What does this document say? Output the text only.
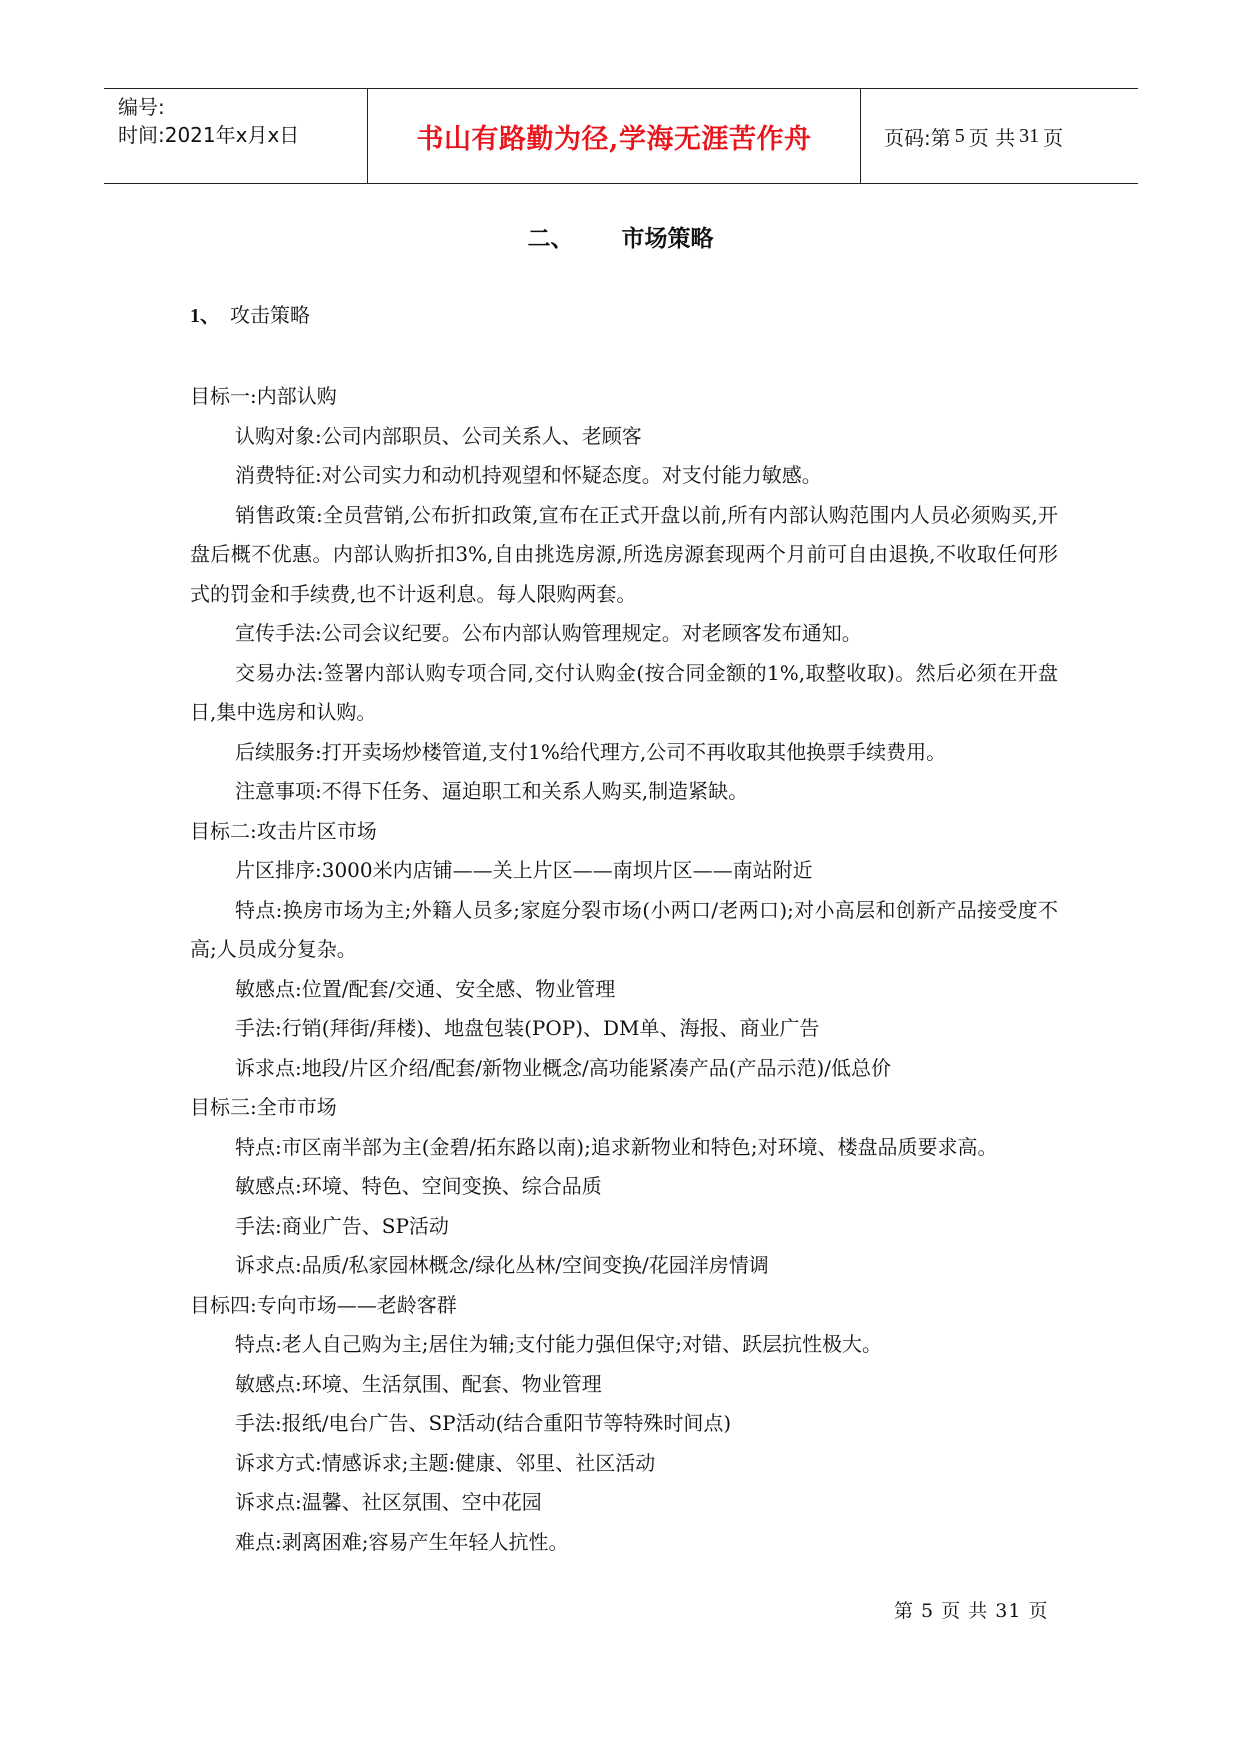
编号:
时间:2021年x月x日	书山有路勤为径,学海无涯苦作舟	页码:第 5 页 共 31 页
二、 市场策略
1、 攻击策略

目标一:内部认购

认购对象:公司内部职员、公司关系人、老顾客

消费特征:对公司实力和动机持观望和怀疑态度。对支付能力敏感。

销售政策:全员营销,公布折扣政策,宣布在正式开盘以前,所有内部认购范围内人员必须购买,开盘后概不优惠。内部认购折扣3%,自由挑选房源,所选房源套现两个月前可自由退换,不收取任何形式的罚金和手续费,也不计返利息。每人限购两套。

宣传手法:公司会议纪要。公布内部认购管理规定。对老顾客发布通知。

交易办法:签署内部认购专项合同,交付认购金(按合同金额的1%,取整收取)。然后必须在开盘日,集中选房和认购。

后续服务:打开卖场炒楼管道,支付1%给代理方,公司不再收取其他换票手续费用。

注意事项:不得下任务、逼迫职工和关系人购买,制造紧缺。

目标二:攻击片区市场

片区排序:3000米内店铺——关上片区——南坝片区——南站附近

特点:换房市场为主;外籍人员多;家庭分裂市场(小两口/老两口);对小高层和创新产品接受度不高;人员成分复杂。

敏感点:位置/配套/交通、安全感、物业管理

手法:行销(拜街/拜楼)、地盘包装(POP)、DM单、海报、商业广告

诉求点:地段/片区介绍/配套/新物业概念/高功能紧凑产品(产品示范)/低总价

目标三:全市市场

特点:市区南半部为主(金碧/拓东路以南);追求新物业和特色;对环境、楼盘品质要求高。

敏感点:环境、特色、空间变换、综合品质

手法:商业广告、SP活动

诉求点:品质/私家园林概念/绿化丛林/空间变换/花园洋房情调

目标四:专向市场——老龄客群

特点:老人自己购为主;居住为辅;支付能力强但保守;对错、跃层抗性极大。

敏感点:环境、生活氛围、配套、物业管理

手法:报纸/电台广告、SP活动(结合重阳节等特殊时间点)

诉求方式:情感诉求;主题:健康、邻里、社区活动

诉求点:温馨、社区氛围、空中花园

难点:剥离困难;容易产生年轻人抗性。

第 5 页 共 31 页
